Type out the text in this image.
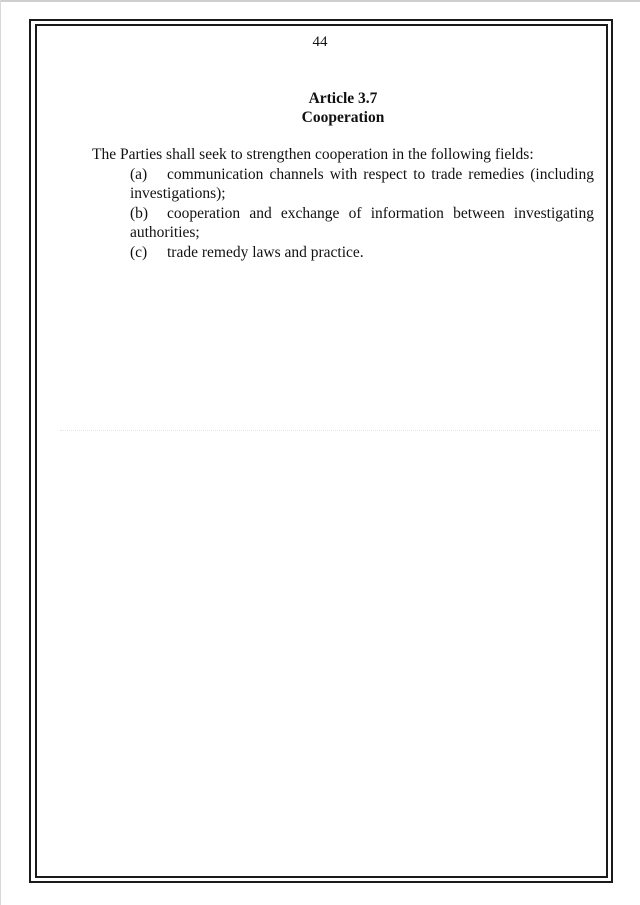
44
Article 3.7
Cooperation
The Parties shall seek to strengthen cooperation in the following fields:
(a) communication channels with respect to trade remedies (including investigations);
(b) cooperation and exchange of information between investigating authorities;
(c) trade remedy laws and practice.
